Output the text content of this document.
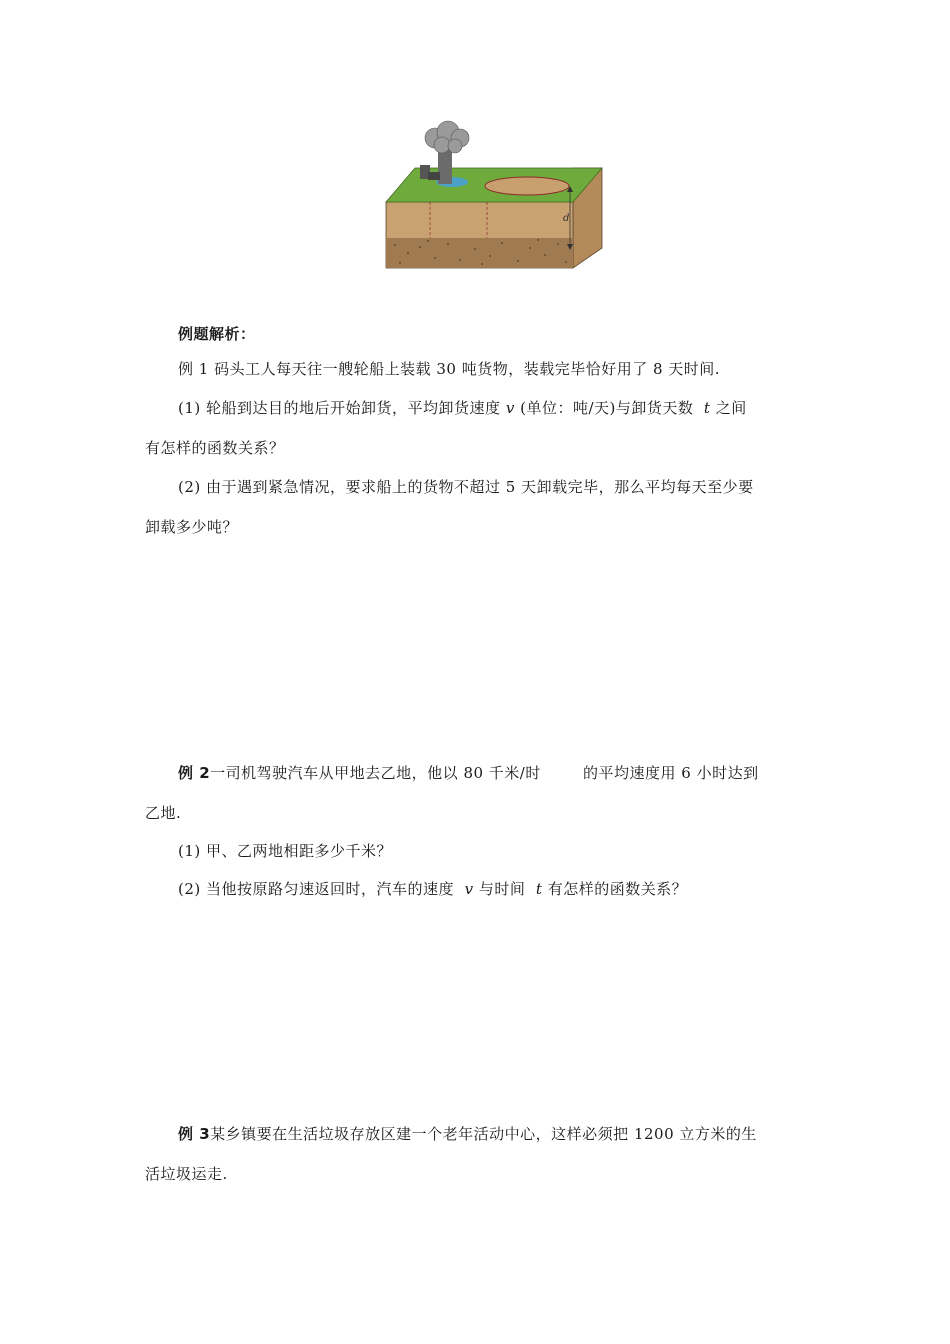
d
例题解析：
例 1 码头工人每天往一艘轮船上装载 30 吨货物，装载完毕恰好用了 8 天时间.
(1) 轮船到达目的地后开始卸货，平均卸货速度 v (单位：吨/天)与卸货天数 t 之间
有怎样的函数关系？
(2) 由于遇到紧急情况，要求船上的货物不超过 5 天卸载完毕，那么平均每天至少要
卸载多少吨？
例 2一司机驾驶汽车从甲地去乙地，他以 80 千米/时	的平均速度用 6 小时达到
乙地.
(1) 甲、乙两地相距多少千米？
(2) 当他按原路匀速返回时，汽车的速度 v 与时间 t 有怎样的函数关系？
例 3某乡镇要在生活垃圾存放区建一个老年活动中心，这样必须把 1200 立方米的生
活垃圾运走.
